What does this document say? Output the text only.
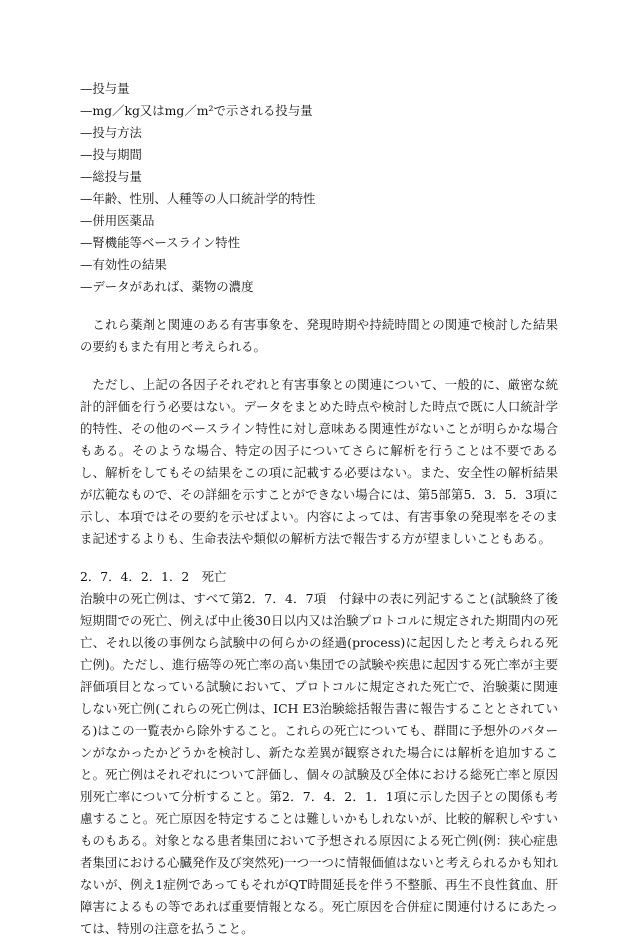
—投与量
—mg／kg又はmg／m²で示される投与量
—投与方法
—投与期間
—総投与量
—年齢、性別、人種等の人口統計学的特性
—併用医薬品
—腎機能等ベースライン特性
—有効性の結果
—データがあれば、薬物の濃度

これら薬剤と関連のある有害事象を、発現時期や持続時間との関連で検討した結果の要約もまた有用と考えられる。

ただし、上記の各因子それぞれと有害事象との関連について、一般的に、厳密な統計的評価を行う必要はない。データをまとめた時点や検討した時点で既に人口統計学的特性、その他のベースライン特性に対し意味ある関連性がないことが明らかな場合もある。そのような場合、特定の因子についてさらに解析を行うことは不要であるし、解析をしてもその結果をこの項に記載する必要はない。また、安全性の解析結果が広範なもので、その詳細を示すことができない場合には、第5部第5．3．5．3項に示し、本項ではその要約を示せばよい。内容によっては、有害事象の発現率をそのまま記述するよりも、生命表法や類似の解析方法で報告する方が望ましいこともある。

2．7．4．2．1．2　死亡

治験中の死亡例は、すべて第2．7．4．7項　付録中の表に列記すること(試験終了後短期間での死亡、例えば中止後30日以内又は治験プロトコルに規定された期間内の死亡、それ以後の事例なら試験中の何らかの経過(process)に起因したと考えられる死亡例)。ただし、進行癌等の死亡率の高い集団での試験や疾患に起因する死亡率が主要評価項目となっている試験において、プロトコルに規定された死亡で、治験薬に関連しない死亡例(これらの死亡例は、ICH E3治験総括報告書に報告することとされている)はこの一覧表から除外すること。これらの死亡についても、群間に予想外のパターンがなかったかどうかを検討し、新たな差異が観察された場合には解析を追加すること。死亡例はそれぞれについて評価し、個々の試験及び全体における総死亡率と原因別死亡率について分析すること。第2．7．4．2．1．1項に示した因子との関係も考慮すること。死亡原因を特定することは難しいかもしれないが、比較的解釈しやすいものもある。対象となる患者集団において予想される原因による死亡例(例：狭心症患者集団における心臓発作及び突然死)一つ一つに情報価値はないと考えられるかも知れないが、例え1症例であってもそれがQT時間延長を伴う不整脈、再生不良性貧血、肝障害によるもの等であれば重要情報となる。死亡原因を合併症に関連付けるにあたっては、特別の注意を払うこと。
